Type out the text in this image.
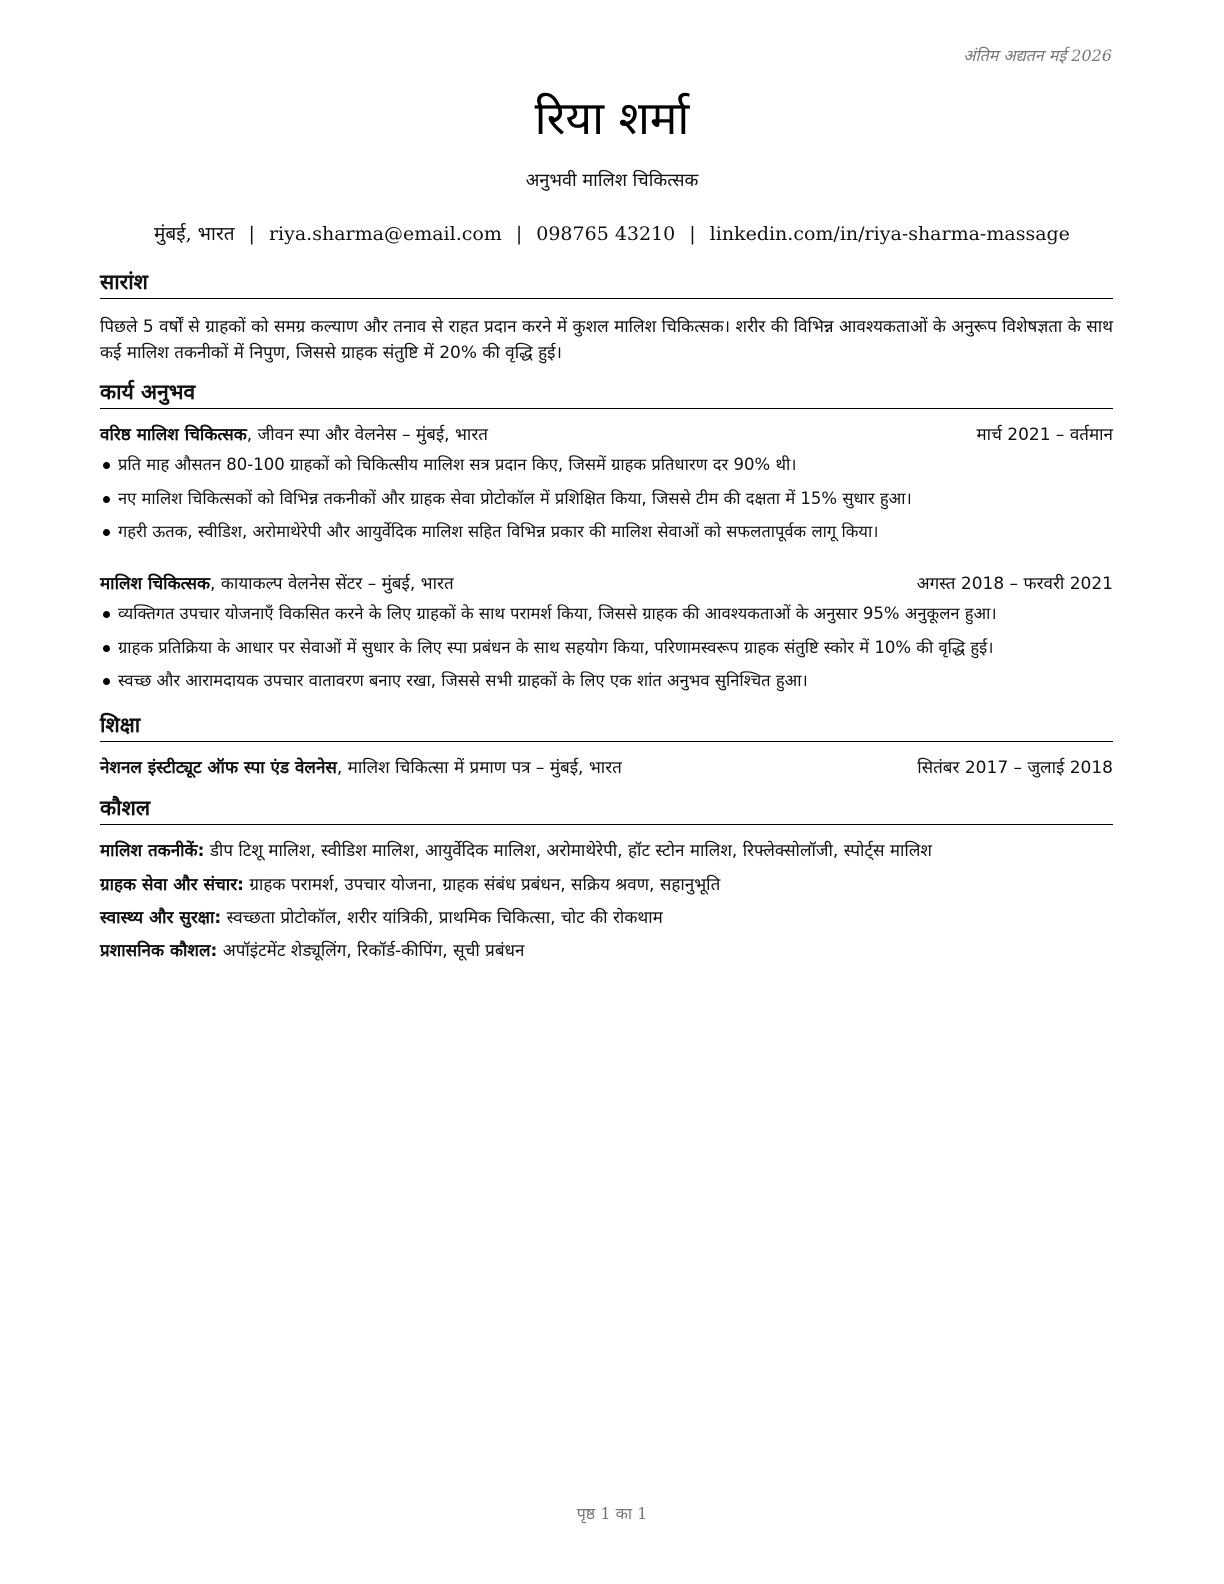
अंतिम अद्यतन मई 2026
रिया शर्मा
अनुभवी मालिश चिकित्सक
मुंबई, भारत | riya.sharma@email.com | 098765 43210 | linkedin.com/in/riya-sharma-massage
सारांश
पिछले 5 वर्षों से ग्राहकों को समग्र कल्याण और तनाव से राहत प्रदान करने में कुशल मालिश चिकित्सक। शरीर की विभिन्न आवश्यकताओं के अनुरूप विशेषज्ञता के साथ कई मालिश तकनीकों में निपुण, जिससे ग्राहक संतुष्टि में 20% की वृद्धि हुई।
कार्य अनुभव
वरिष्ठ मालिश चिकित्सक, जीवन स्पा और वेलनेस – मुंबई, भारत	मार्च 2021 – वर्तमान
प्रति माह औसतन 80-100 ग्राहकों को चिकित्सीय मालिश सत्र प्रदान किए, जिसमें ग्राहक प्रतिधारण दर 90% थी।
नए मालिश चिकित्सकों को विभिन्न तकनीकों और ग्राहक सेवा प्रोटोकॉल में प्रशिक्षित किया, जिससे टीम की दक्षता में 15% सुधार हुआ।
गहरी ऊतक, स्वीडिश, अरोमाथेरेपी और आयुर्वेदिक मालिश सहित विभिन्न प्रकार की मालिश सेवाओं को सफलतापूर्वक लागू किया।
मालिश चिकित्सक, कायाकल्प वेलनेस सेंटर – मुंबई, भारत	अगस्त 2018 – फरवरी 2021
व्यक्तिगत उपचार योजनाएँ विकसित करने के लिए ग्राहकों के साथ परामर्श किया, जिससे ग्राहक की आवश्यकताओं के अनुसार 95% अनुकूलन हुआ।
ग्राहक प्रतिक्रिया के आधार पर सेवाओं में सुधार के लिए स्पा प्रबंधन के साथ सहयोग किया, परिणामस्वरूप ग्राहक संतुष्टि स्कोर में 10% की वृद्धि हुई।
स्वच्छ और आरामदायक उपचार वातावरण बनाए रखा, जिससे सभी ग्राहकों के लिए एक शांत अनुभव सुनिश्चित हुआ।
शिक्षा
नेशनल इंस्टीट्यूट ऑफ स्पा एंड वेलनेस, मालिश चिकित्सा में प्रमाण पत्र – मुंबई, भारत	सितंबर 2017 – जुलाई 2018
कौशल
मालिश तकनीकें: डीप टिशू मालिश, स्वीडिश मालिश, आयुर्वेदिक मालिश, अरोमाथेरेपी, हॉट स्टोन मालिश, रिफ्लेक्सोलॉजी, स्पोर्ट्स मालिश
ग्राहक सेवा और संचार: ग्राहक परामर्श, उपचार योजना, ग्राहक संबंध प्रबंधन, सक्रिय श्रवण, सहानुभूति
स्वास्थ्य और सुरक्षा: स्वच्छता प्रोटोकॉल, शरीर यांत्रिकी, प्राथमिक चिकित्सा, चोट की रोकथाम
प्रशासनिक कौशल: अपॉइंटमेंट शेड्यूलिंग, रिकॉर्ड-कीपिंग, सूची प्रबंधन
पृष्ठ 1 का 1
